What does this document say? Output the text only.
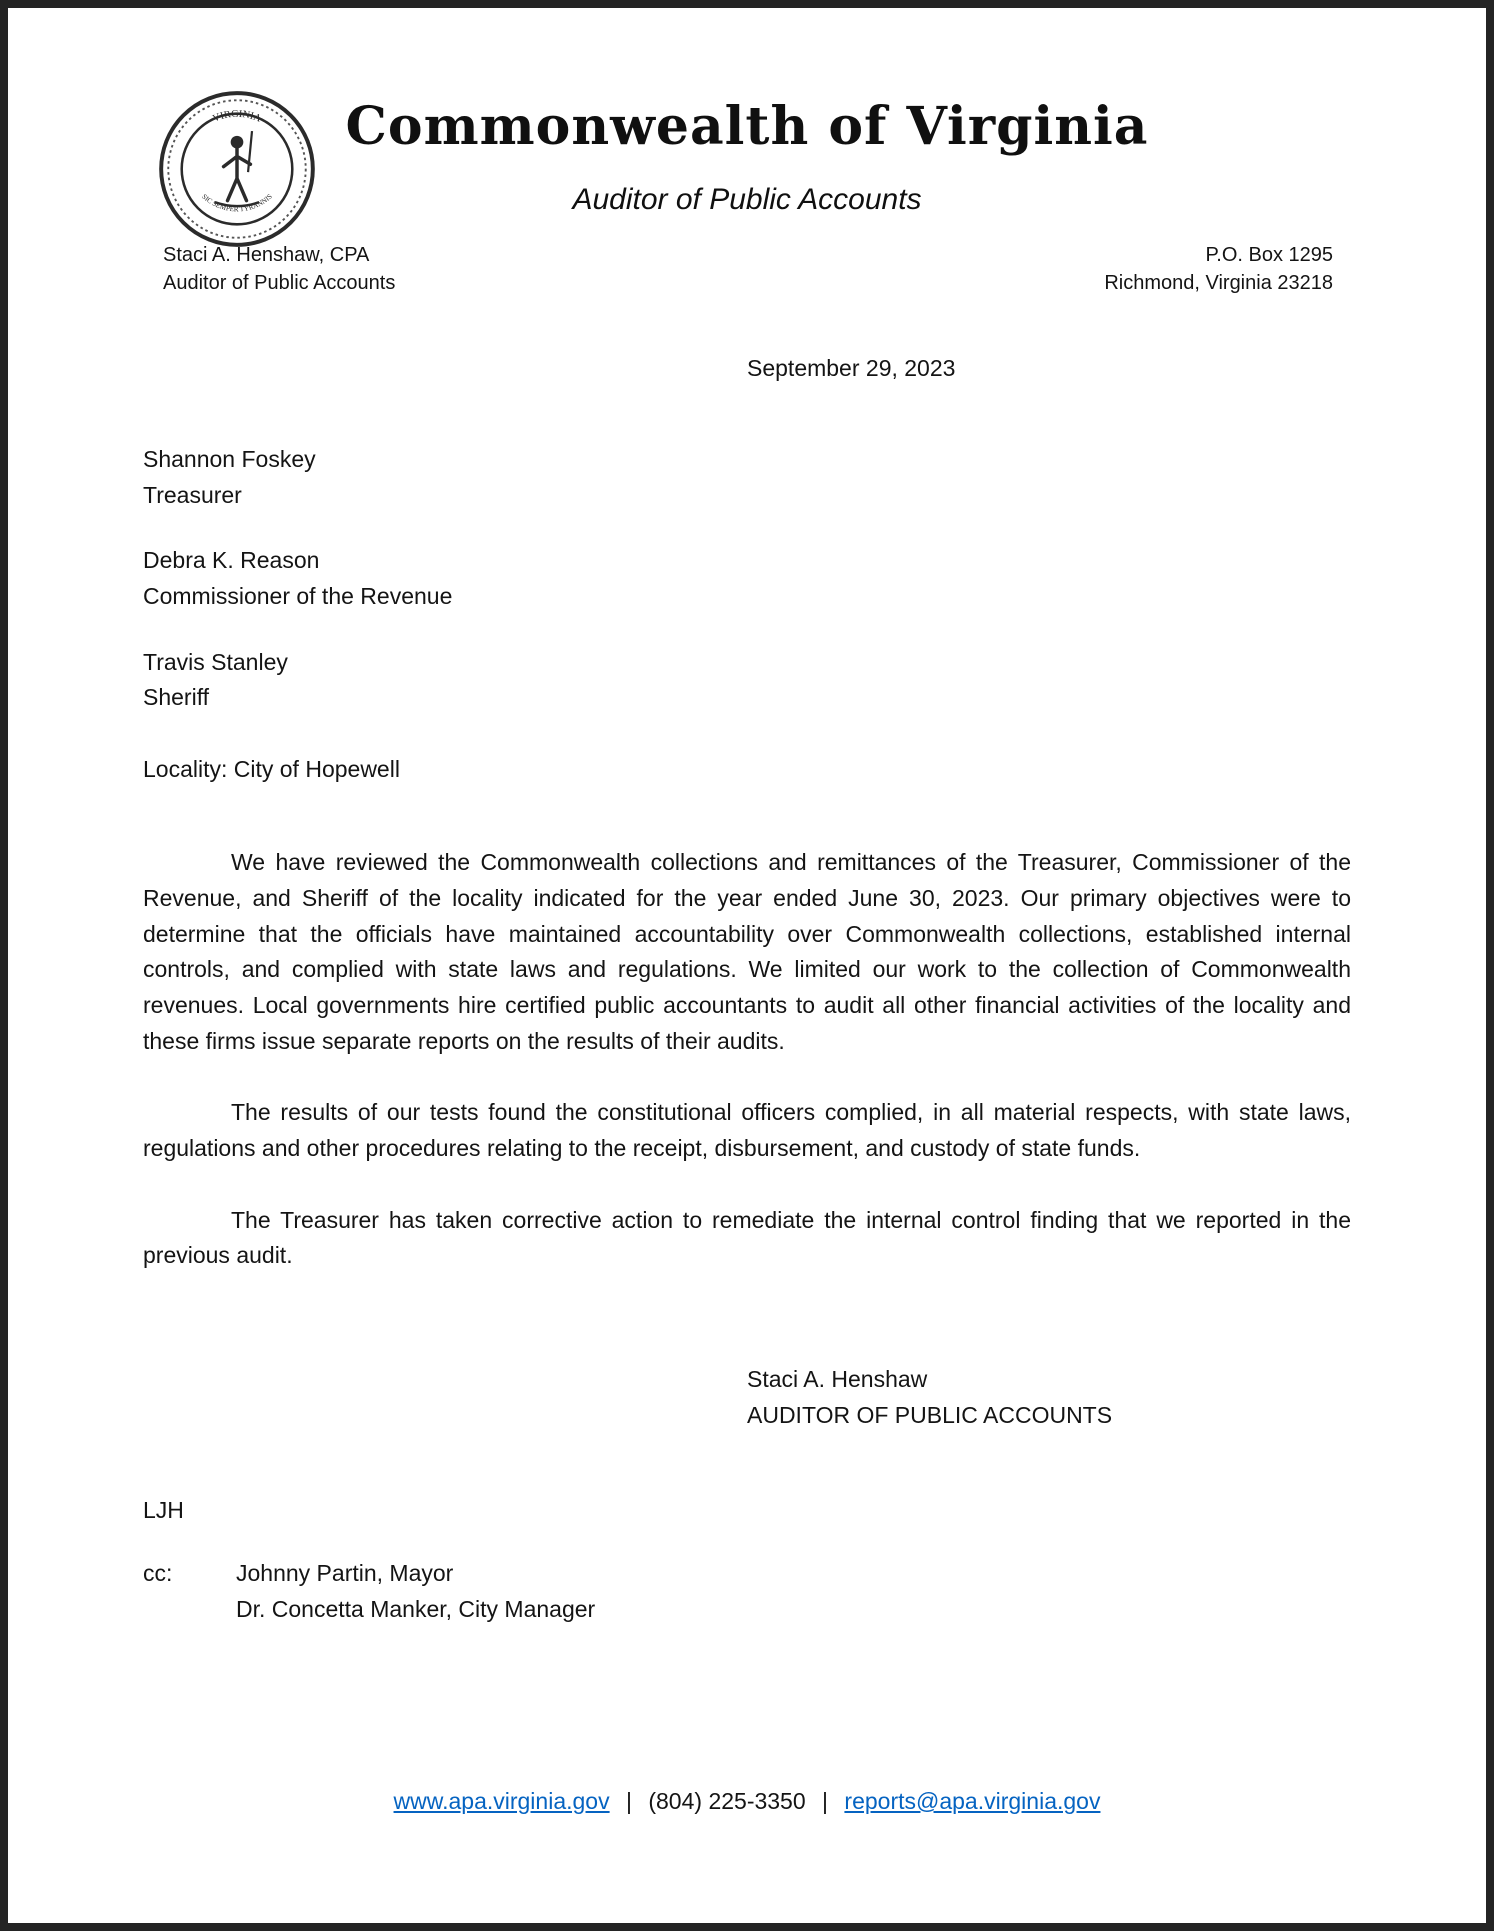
VIRGINIA
SIC SEMPER TYRANNIS
Commonwealth of Virginia
Auditor of Public Accounts
Staci A. Henshaw, CPA
Auditor of Public Accounts
P.O. Box 1295
Richmond, Virginia 23218
September 29, 2023
Shannon Foskey
Treasurer
Debra K. Reason
Commissioner of the Revenue
Travis Stanley
Sheriff
Locality: City of Hopewell

We have reviewed the Commonwealth collections and remittances of the Treasurer, Commissioner of the Revenue, and Sheriff of the locality indicated for the year ended June 30, 2023. Our primary objectives were to determine that the officials have maintained accountability over Commonwealth collections, established internal controls, and complied with state laws and regulations. We limited our work to the collection of Commonwealth revenues. Local governments hire certified public accountants to audit all other financial activities of the locality and these firms issue separate reports on the results of their audits.

The results of our tests found the constitutional officers complied, in all material respects, with state laws, regulations and other procedures relating to the receipt, disbursement, and custody of state funds.

The Treasurer has taken corrective action to remediate the internal control finding that we reported in the previous audit.

Staci A. Henshaw
AUDITOR OF PUBLIC ACCOUNTS
LJH
cc:	Johnny Partin, Mayor
Dr. Concetta Manker, City Manager
www.apa.virginia.gov | (804) 225-3350 | reports@apa.virginia.gov
